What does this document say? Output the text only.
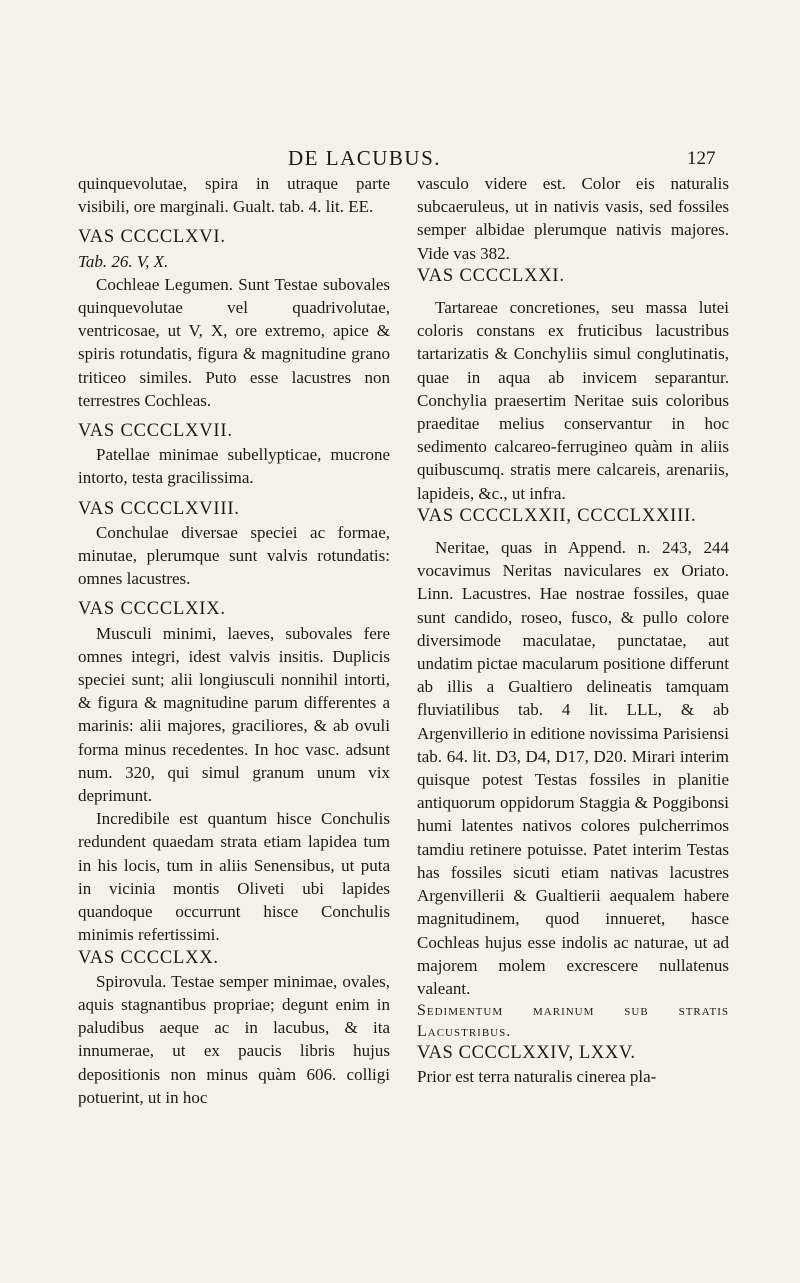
DE LACUBUS.	127

quinquevolutae, spira in utraque parte visibili, ore marginali. Gualt. tab. 4. lit. EE.

VAS CCCCLXVI.

Tab. 26. V, X.

Cochleae Legumen. Sunt Testae subovales quinquevolutae vel quadrivolutae, ventricosae, ut V, X, ore extremo, apice & spiris rotundatis, figura & magnitudine grano triticeo similes. Puto esse lacustres non terrestres Cochleas.

VAS CCCCLXVII.

Patellae minimae subellypticae, mucrone intorto, testa gracilissima.

VAS CCCCLXVIII.

Conchulae diversae speciei ac formae, minutae, plerumque sunt valvis rotundatis: omnes lacustres.

VAS CCCCLXIX.

Musculi minimi, laeves, subovales fere omnes integri, idest valvis insitis. Duplicis speciei sunt; alii longiusculi nonnihil intorti, & figura & magnitudine parum differentes a marinis: alii majores, graciliores, & ab ovuli forma minus recedentes. In hoc vasc. adsunt num. 320, qui simul granum unum vix deprimunt.

Incredibile est quantum hisce Conchulis redundent quaedam strata etiam lapidea tum in his locis, tum in aliis Senensibus, ut puta in vicinia montis Oliveti ubi lapides quandoque occurrunt hisce Conchulis minimis refertissimi.

VAS CCCCLXX.

Spirovula. Testae semper minimae, ovales, aquis stagnantibus propriae; degunt enim in paludibus aeque ac in lacubus, & ita innumerae, ut ex paucis libris hujus depositionis non minus quàm 606. colligi potuerint, ut in hoc

vasculo videre est. Color eis naturalis subcaeruleus, ut in nativis vasis, sed fossiles semper albidae plerumque nativis majores. Vide vas 382.

VAS CCCCLXXI.

Tartareae concretiones, seu massa lutei coloris constans ex fruticibus lacustribus tartarizatis & Conchyliis simul conglutinatis, quae in aqua ab invicem separantur. Conchylia praesertim Neritae suis coloribus praeditae melius conservantur in hoc sedimento calcareo-ferrugineo quàm in aliis quibuscumq. stratis mere calcareis, arenariis, lapideis, &c., ut infra.

VAS CCCCLXXII, CCCCLXXIII.

Neritae, quas in Append. n. 243, 244 vocavimus Neritas naviculares ex Oriato. Linn. Lacustres. Hae nostrae fossiles, quae sunt candido, roseo, fusco, & pullo colore diversimode maculatae, punctatae, aut undatim pictae macularum positione differunt ab illis a Gualtiero delineatis tamquam fluviatilibus tab. 4 lit. LLL, & ab Argenvillerio in editione novissima Parisiensi tab. 64. lit. D3, D4, D17, D20. Mirari interim quisque potest Testas fossiles in planitie antiquorum oppidorum Staggia & Poggibonsi humi latentes nativos colores pulcherrimos tamdiu retinere potuisse. Patet interim Testas has fossiles sicuti etiam nativas lacustres Argenvillerii & Gualtierii aequalem habere magnitudinem, quod innueret, hasce Cochleas hujus esse indolis ac naturae, ut ad majorem molem excrescere nullatenus valeant.

Sedimentum marinum sub stratis Lacustribus.

VAS CCCCLXXIV, LXXV.

Prior est terra naturalis cinerea pla-
